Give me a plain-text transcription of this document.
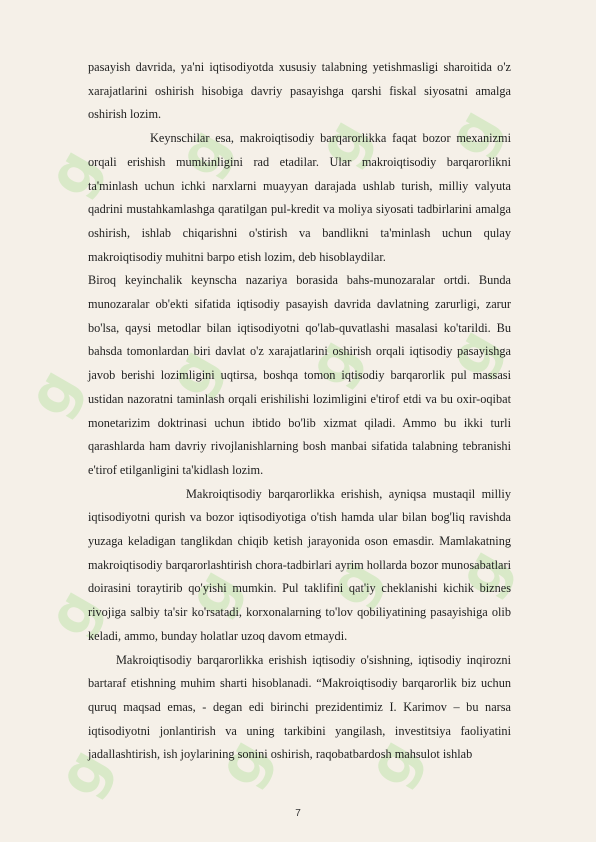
g g g g
g g g g
g g g g
g g g

pasayish davrida, ya'ni iqtisodiyotda xususiy talabning yetishmasligi sharoitida o'z xarajatlarini oshirish hisobiga davriy pasayishga qarshi fiskal siyosatni amalga oshirish lozim.

Keynschilar esa, makroiqtisodiy barqarorlikka faqat bozor mexanizmi orqali erishish mumkinligini rad etadilar. Ular makroiqtisodiy barqarorlikni ta'minlash uchun ichki narxlarni muayyan darajada ushlab turish, milliy valyuta qadrini mustahkamlashga qaratilgan pul-kredit va moliya siyosati tadbirlarini amalga oshirish, ishlab chiqarishni o'stirish va bandlikni ta'minlash uchun qulay makroiqtisodiy muhitni barpo etish lozim, deb hisoblaydilar.

Biroq keyinchalik keynscha nazariya borasida bahs-munozaralar ortdi. Bunda munozaralar ob'ekti sifatida iqtisodiy pasayish davrida davlatning zarurligi, zarur bo'lsa, qaysi metodlar bilan iqtisodiyotni qo'lab-quvatlashi masalasi ko'tarildi. Bu bahsda tomonlardan biri davlat o'z xarajatlarini oshirish orqali iqtisodiy pasayishga javob berishi lozimligini uqtirsa, boshqa tomon iqtisodiy barqarorlik pul massasi ustidan nazoratni taminlash orqali erishilishi lozimligini e'tirof etdi va bu oxir-oqibat monetarizim doktrinasi uchun ibtido bo'lib xizmat qiladi. Ammo bu ikki turli qarashlarda ham davriy rivojlanishlarning bosh manbai sifatida talabning tebranishi e'tirof etilganligini ta'kidlash lozim.

Makroiqtisodiy barqarorlikka erishish, ayniqsa mustaqil milliy iqtisodiyotni qurish va bozor iqtisodiyotiga o'tish hamda ular bilan bog'liq ravishda yuzaga keladigan tanglikdan chiqib ketish jarayonida oson emasdir. Mamlakatning makroiqtisodiy barqarorlashtirish chora-tadbirlari ayrim hollarda bozor munosabatlari doirasini toraytirib qo'yishi mumkin. Pul taklifini qat'iy cheklanishi kichik biznes rivojiga salbiy ta'sir ko'rsatadi, korxonalarning to'lov qobiliyatining pasayishiga olib keladi, ammo, bunday holatlar uzoq davom etmaydi.

Makroiqtisodiy barqarorlikka erishish iqtisodiy o'sishning, iqtisodiy inqirozni bartaraf etishning muhim sharti hisoblanadi. “Makroiqtisodiy barqarorlik biz uchun quruq maqsad emas, - degan edi birinchi prezidentimiz I. Karimov – bu narsa iqtisodiyotni jonlantirish va uning tarkibini yangilash, investitsiya faoliyatini jadallashtirish, ish joylarining sonini oshirish, raqobatbardosh mahsulot ishlab

7
